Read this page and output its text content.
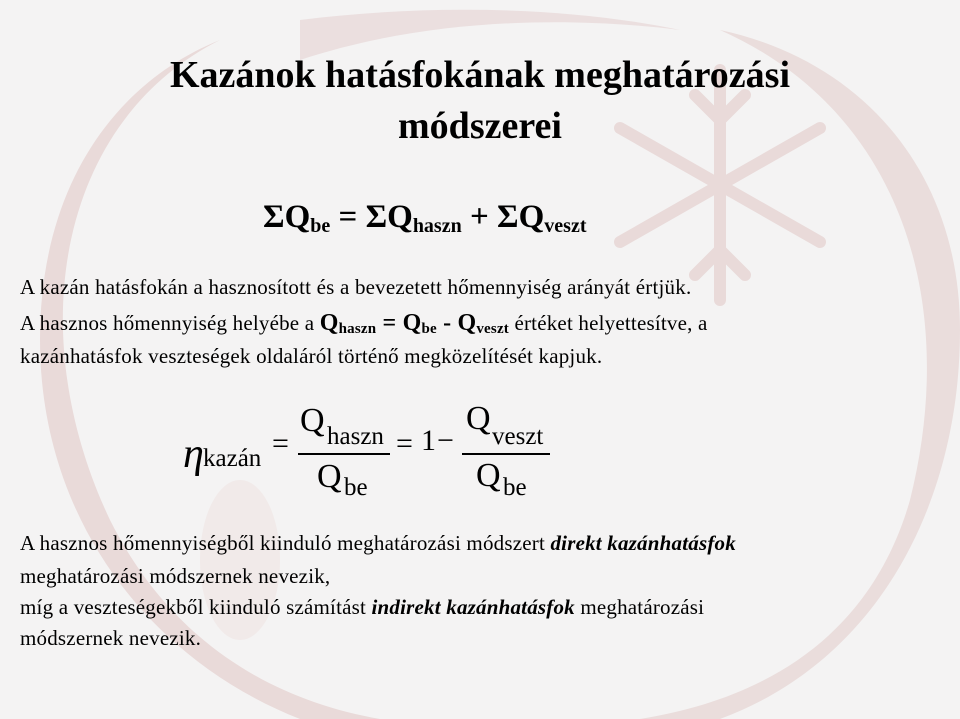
Kazánok hatásfokának meghatározási
módszerei
$\Sigma Q_{be} = \Sigma Q_{haszn} + \Sigma Q_{veszt}$
A kazán hatásfokán a hasznosított és a bevezetett hőmennyiség arányát értjük.
A hasznos hőmennyiség helyébe a $Q_{haszn} = Q_{be} - Q_{veszt}$ értéket helyettesítve, a
kazánhatásfok veszteségek oldaláról történő megközelítését kapjuk.
η kazán =
Q haszn
Q be
= 1 −
Q veszt
Q be
A hasznos hőmennyiségből kiinduló meghatározási módszert direkt kazánhatásfok
meghatározási módszernek nevezik,
míg a veszteségekből kiinduló számítást indirekt kazánhatásfok meghatározási
módszernek nevezik.
